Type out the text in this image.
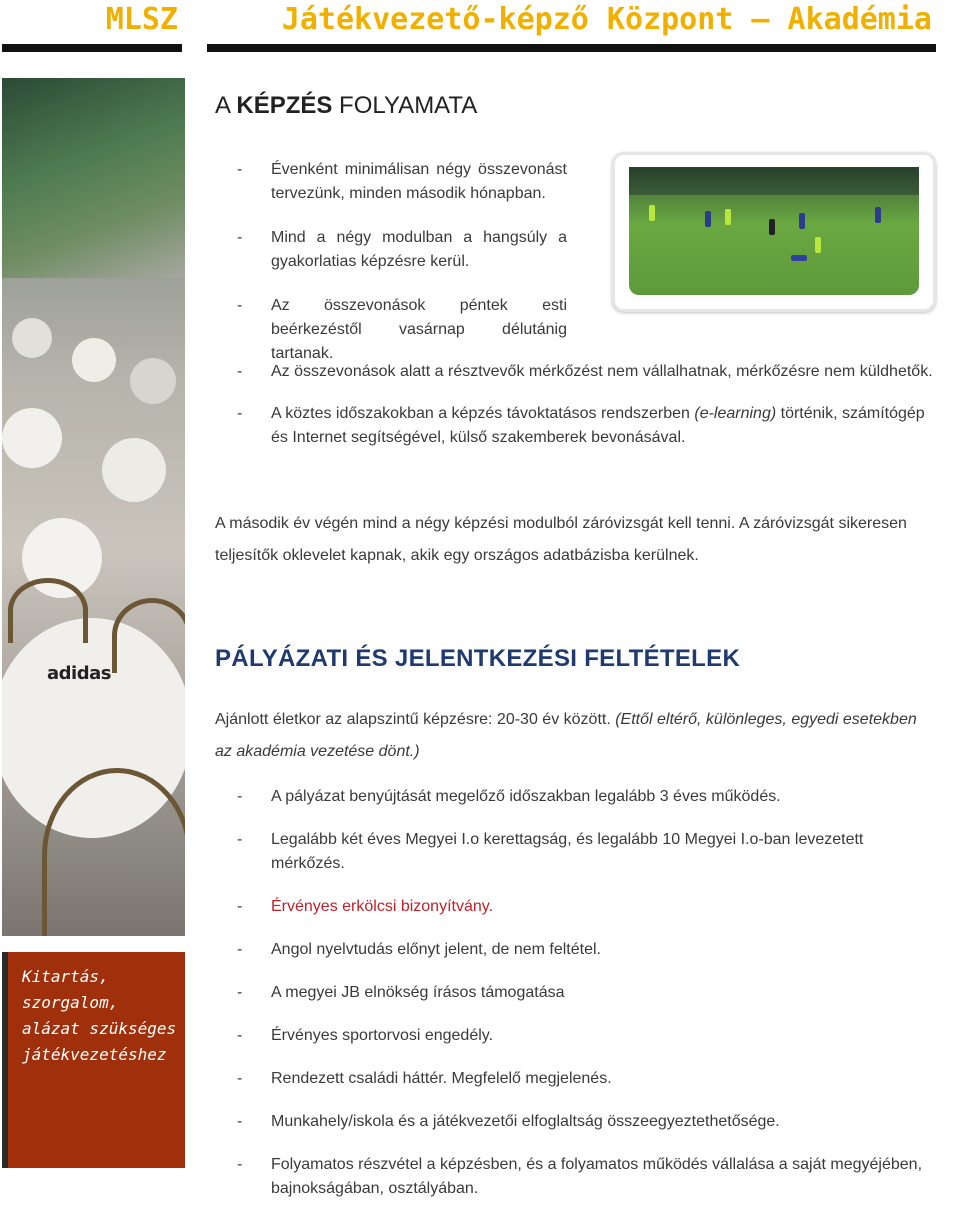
MLSZ	Játékvezető-képző Központ – Akadémia
adidas
Kitartás,
szorgalom,
alázat szükséges a
játékvezetéshez
A KÉPZÉS FOLYAMATA
- Évenként minimálisan négy összevonást
tervezünk, minden második hónapban.
- Mind a négy modulban a hangsúly a
gyakorlatias képzésre kerül.
- Az összevonások péntek esti
beérkezéstől vasárnap délutánig tartanak.
- Az összevonások alatt a résztvevők mérkőzést nem vállalhatnak, mérkőzésre nem küldhetők.
- A köztes időszakokban a képzés távoktatásos rendszerben (e-learning) történik, számítógép és Internet segítségével, külső szakemberek bevonásával.

A második év végén mind a négy képzési modulból záróvizsgát kell tenni. A záróvizsgát sikeresen teljesítők oklevelet kapnak, akik egy országos adatbázisba kerülnek.

PÁLYÁZATI ÉS JELENTKEZÉSI FELTÉTELEK

Ajánlott életkor az alapszintű képzésre: 20-30 év között. (Ettől eltérő, különleges, egyedi esetekben az akadémia vezetése dönt.)

- A pályázat benyújtását megelőző időszakban legalább 3 éves működés.
- Legalább két éves Megyei I.o kerettagság, és legalább 10 Megyei I.o-ban levezetett mérkőzés.
- Érvényes erkölcsi bizonyítvány.
- Angol nyelvtudás előnyt jelent, de nem feltétel.
- A megyei JB elnökség írásos támogatása
- Érvényes sportorvosi engedély.
- Rendezett családi háttér. Megfelelő megjelenés.
- Munkahely/iskola és a játékvezetői elfoglaltság összeegyeztethetősége.
- Folyamatos részvétel a képzésben, és a folyamatos működés vállalása a saját megyéjében, bajnokságában, osztályában.
